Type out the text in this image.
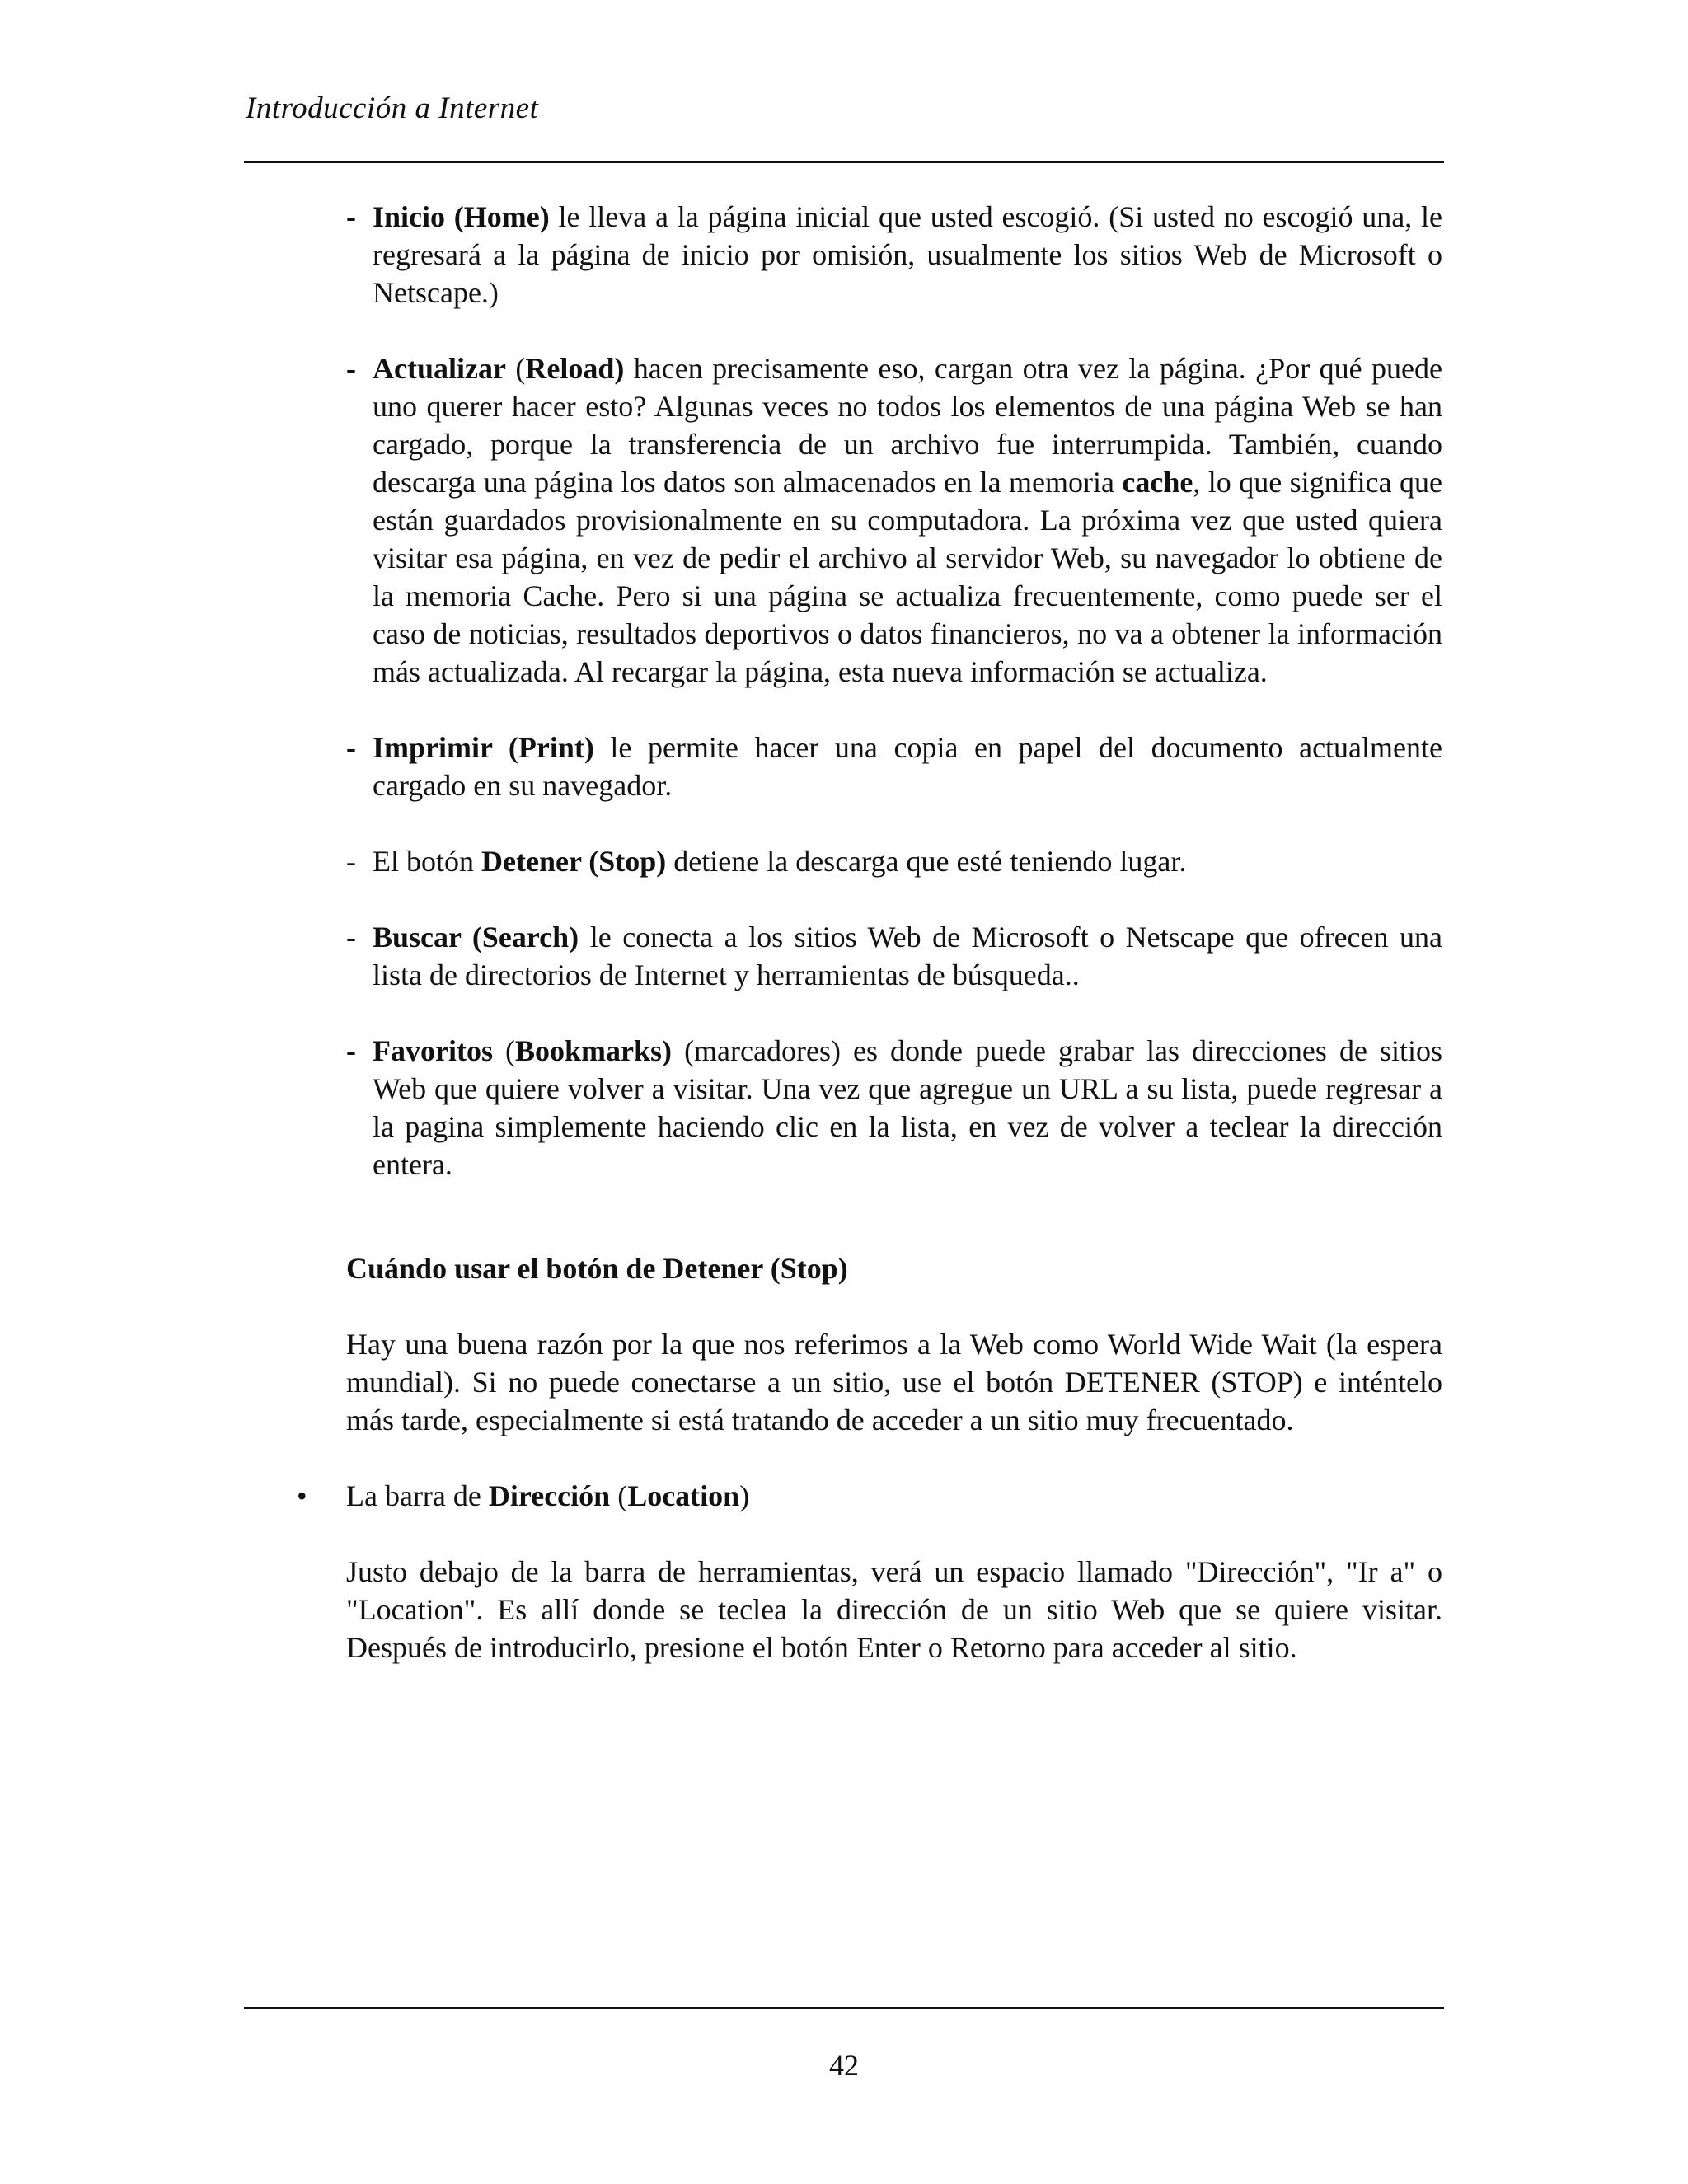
Introducción a Internet
- Inicio (Home) le lleva a la página inicial que usted escogió. (Si usted no escogió una, le regresará a la página de inicio por omisión, usualmente los sitios Web de Microsoft o Netscape.)
- Actualizar (Reload) hacen precisamente eso, cargan otra vez la página. ¿Por qué puede uno querer hacer esto? Algunas veces no todos los elementos de una página Web se han cargado, porque la transferencia de un archivo fue interrumpida. También, cuando descarga una página los datos son almacenados en la memoria cache, lo que significa que están guardados provisionalmente en su computadora. La próxima vez que usted quiera visitar esa página, en vez de pedir el archivo al servidor Web, su navegador lo obtiene de la memoria Cache. Pero si una página se actualiza frecuentemente, como puede ser el caso de noticias, resultados deportivos o datos financieros, no va a obtener la información más actualizada. Al recargar la página, esta nueva información se actualiza.
- Imprimir (Print) le permite hacer una copia en papel del documento actualmente cargado en su navegador.
- El botón Detener (Stop) detiene la descarga que esté teniendo lugar.
- Buscar (Search) le conecta a los sitios Web de Microsoft o Netscape que ofrecen una lista de directorios de Internet y herramientas de búsqueda..
- Favoritos (Bookmarks) (marcadores) es donde puede grabar las direcciones de sitios Web que quiere volver a visitar. Una vez que agregue un URL a su lista, puede regresar a la pagina simplemente haciendo clic en la lista, en vez de volver a teclear la dirección entera.
Cuándo usar el botón de Detener (Stop)

Hay una buena razón por la que nos referimos a la Web como World Wide Wait (la espera mundial). Si no puede conectarse a un sitio, use el botón DETENER (STOP) e inténtelo más tarde, especialmente si está tratando de acceder a un sitio muy frecuentado.

• La barra de Dirección (Location)

Justo debajo de la barra de herramientas, verá un espacio llamado "Dirección", "Ir a" o "Location". Es allí donde se teclea la dirección de un sitio Web que se quiere visitar. Después de introducirlo, presione el botón Enter o Retorno para acceder al sitio.

42
